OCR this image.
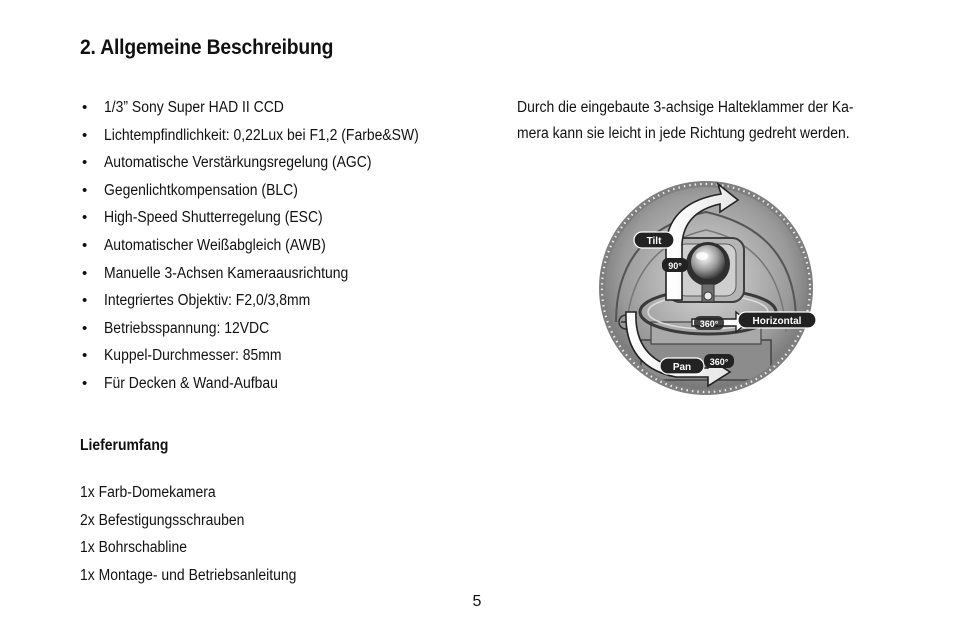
2. Allgemeine Beschreibung
• 1/3” Sony Super HAD II CCD
• Lichtempfindlichkeit: 0,22Lux bei F1,2 (Farbe&SW)
• Automatische Verstärkungsregelung (AGC)
• Gegenlichtkompensation (BLC)
• High-Speed Shutterregelung (ESC)
• Automatischer Weißabgleich (AWB)
• Manuelle 3-Achsen Kameraausrichtung
• Integriertes Objektiv: F2,0/3,8mm
• Betriebsspannung: 12VDC
• Kuppel-Durchmesser: 85mm
• Für Decken & Wand-Aufbau
Lieferumfang
1x Farb-Domekamera
2x Befestigungsschrauben
1x Bohrschabline
1x Montage- und Betriebsanleitung
Durch die eingebaute 3-achsige Halteklammer der Ka-
mera kann sie leicht in jede Richtung gedreht werden.
Tilt
90°
Horizontal
360°
Pan 360°
5
